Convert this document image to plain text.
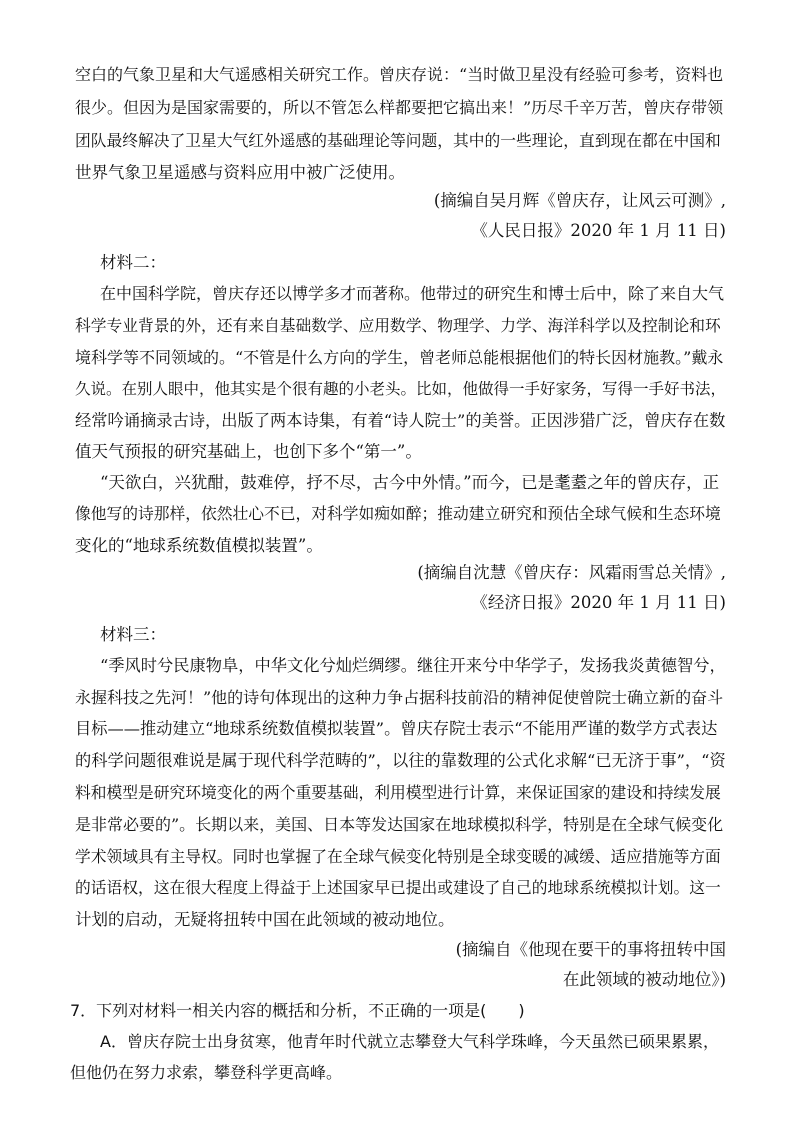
空白的气象卫星和大气遥感相关研究工作。曾庆存说：“当时做卫星没有经验可参考，资料也
很少。但因为是国家需要的，所以不管怎么样都要把它搞出来！”历尽千辛万苦，曾庆存带领
团队最终解决了卫星大气红外遥感的基础理论等问题，其中的一些理论，直到现在都在中国和
世界气象卫星遥感与资料应用中被广泛使用。
(摘编自吴月辉《曾庆存，让风云可测》,
《人民日报》2020 年 1 月 11 日)
材料二：
在中国科学院，曾庆存还以博学多才而著称。他带过的研究生和博士后中，除了来自大气
科学专业背景的外，还有来自基础数学、应用数学、物理学、力学、海洋科学以及控制论和环
境科学等不同领域的。“不管是什么方向的学生，曾老师总能根据他们的特长因材施教。”戴永
久说。在别人眼中，他其实是个很有趣的小老头。比如，他做得一手好家务，写得一手好书法，
经常吟诵摘录古诗，出版了两本诗集，有着“诗人院士”的美誉。正因涉猎广泛，曾庆存在数
值天气预报的研究基础上，也创下多个“第一”。
“天欲白，兴犹酣，鼓难停，抒不尽，古今中外情。”而今，已是耄耋之年的曾庆存，正
像他写的诗那样，依然壮心不已，对科学如痴如醉；推动建立研究和预估全球气候和生态环境
变化的“地球系统数值模拟装置”。
(摘编自沈慧《曾庆存：风霜雨雪总关情》,
《经济日报》2020 年 1 月 11 日)
材料三：
“季风时兮民康物阜，中华文化兮灿烂绸缪。继往开来兮中华学子，发扬我炎黄德智兮，
永握科技之先河！”他的诗句体现出的这种力争占据科技前沿的精神促使曾院士确立新的奋斗
目标——推动建立“地球系统数值模拟装置”。曾庆存院士表示“不能用严谨的数学方式表达
的科学问题很难说是属于现代科学范畴的”，以往的靠数理的公式化求解“已无济于事”，“资
料和模型是研究环境变化的两个重要基础，利用模型进行计算，来保证国家的建设和持续发展
是非常必要的”。长期以来，美国、日本等发达国家在地球模拟科学，特别是在全球气候变化
学术领域具有主导权。同时也掌握了在全球气候变化特别是全球变暖的减缓、适应措施等方面
的话语权，这在很大程度上得益于上述国家早已提出或建设了自己的地球系统模拟计划。这一
计划的启动，无疑将扭转中国在此领域的被动地位。
(摘编自《他现在要干的事将扭转中国
在此领域的被动地位》)
7．下列对材料一相关内容的概括和分析，不正确的一项是(　　)
A．曾庆存院士出身贫寒，他青年时代就立志攀登大气科学珠峰，今天虽然已硕果累累，
但他仍在努力求索，攀登科学更高峰。
